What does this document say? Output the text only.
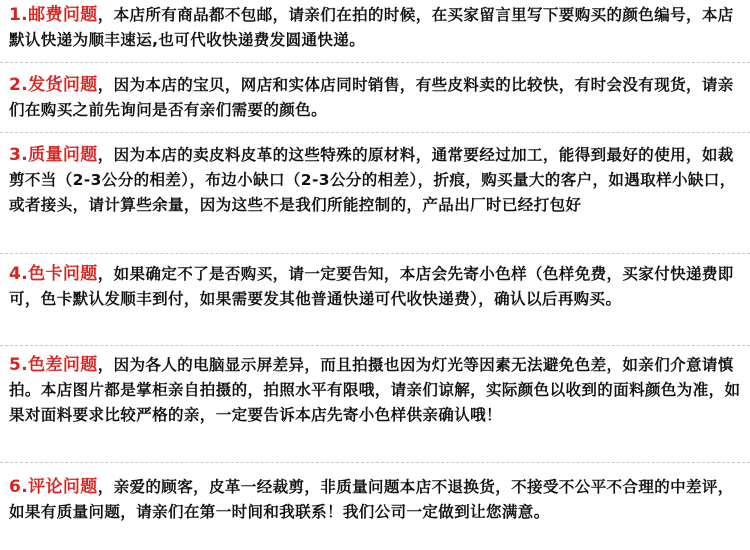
1.邮费问题，本店所有商品都不包邮，请亲们在拍的时候，在买家留言里写下要购买的颜色编号，本店默认快递为顺丰速运,也可代收快递费发圆通快递。
2.发货问题，因为本店的宝贝，网店和实体店同时销售，有些皮料卖的比较快，有时会没有现货，请亲们在购买之前先询问是否有亲们需要的颜色。
3.质量问题，因为本店的卖皮料皮革的这些特殊的原材料，通常要经过加工，能得到最好的使用，如裁剪不当（2-3公分的相差），布边小缺口（2-3公分的相差），折痕，购买量大的客户，如遇取样小缺口，或者接头，请计算些余量，因为这些不是我们所能控制的，产品出厂时已经打包好
4.色卡问题，如果确定不了是否购买，请一定要告知，本店会先寄小色样（色样免费，买家付快递费即可，色卡默认发顺丰到付，如果需要发其他普通快递可代收快递费），确认以后再购买。
5.色差问题，因为各人的电脑显示屏差异，而且拍摄也因为灯光等因素无法避免色差，如亲们介意请慎拍。本店图片都是掌柜亲自拍摄的，拍照水平有限哦，请亲们谅解，实际颜色以收到的面料颜色为准，如果对面料要求比较严格的亲，一定要告诉本店先寄小色样供亲确认哦！
6.评论问题，亲爱的顾客，皮革一经裁剪，非质量问题本店不退换货，不接受不公平不合理的中差评，如果有质量问题，请亲们在第一时间和我联系！我们公司一定做到让您满意。
